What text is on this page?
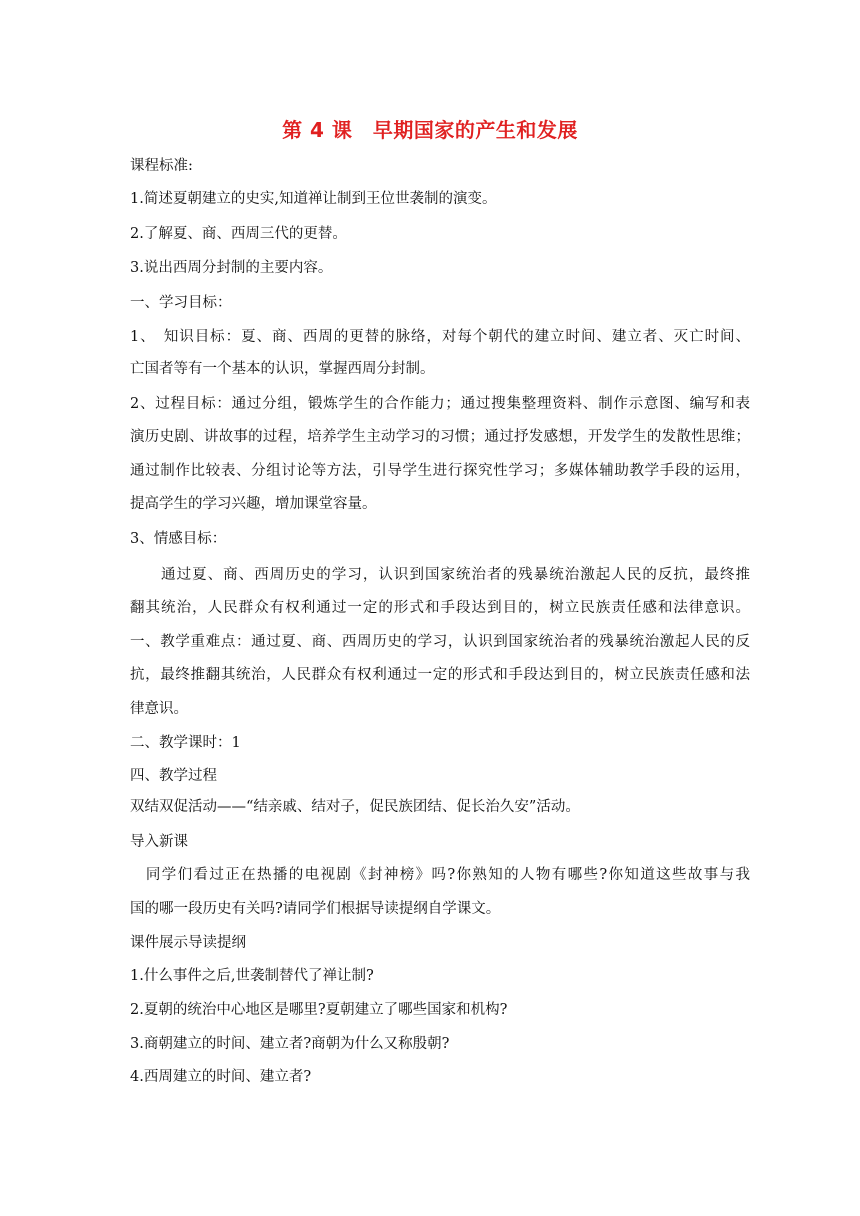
第 4 课　早期国家的产生和发展
课程标准:
1.简述夏朝建立的史实,知道禅让制到王位世袭制的演变。
2.了解夏、商、西周三代的更替。
3.说出西周分封制的主要内容。
一、学习目标：
1、　知识目标：夏、商、西周的更替的脉络，对每个朝代的建立时间、建立者、灭亡时间、
亡国者等有一个基本的认识，掌握西周分封制。
2、过程目标：通过分组，锻炼学生的合作能力；通过搜集整理资料、制作示意图、编写和表
演历史剧、讲故事的过程，培养学生主动学习的习惯；通过抒发感想，开发学生的发散性思维；
通过制作比较表、分组讨论等方法，引导学生进行探究性学习；多媒体辅助教学手段的运用，
提高学生的学习兴趣，增加课堂容量。
3、情感目标：
　　通过夏、商、西周历史的学习，认识到国家统治者的残暴统治激起人民的反抗，最终推
翻其统治，人民群众有权利通过一定的形式和手段达到目的，树立民族责任感和法律意识。
一、教学重难点：通过夏、商、西周历史的学习，认识到国家统治者的残暴统治激起人民的反
抗，最终推翻其统治，人民群众有权利通过一定的形式和手段达到目的，树立民族责任感和法
律意识。
二、教学课时：1
四、教学过程
双结双促活动——“结亲戚、结对子，促民族团结、促长治久安”活动。
导入新课
　同学们看过正在热播的电视剧《封神榜》吗?你熟知的人物有哪些?你知道这些故事与我
国的哪一段历史有关吗?请同学们根据导读提纲自学课文。
课件展示导读提纲
1.什么事件之后,世袭制替代了禅让制?
2.夏朝的统治中心地区是哪里?夏朝建立了哪些国家和机构?
3.商朝建立的时间、建立者?商朝为什么又称殷朝?
4.西周建立的时间、建立者?
